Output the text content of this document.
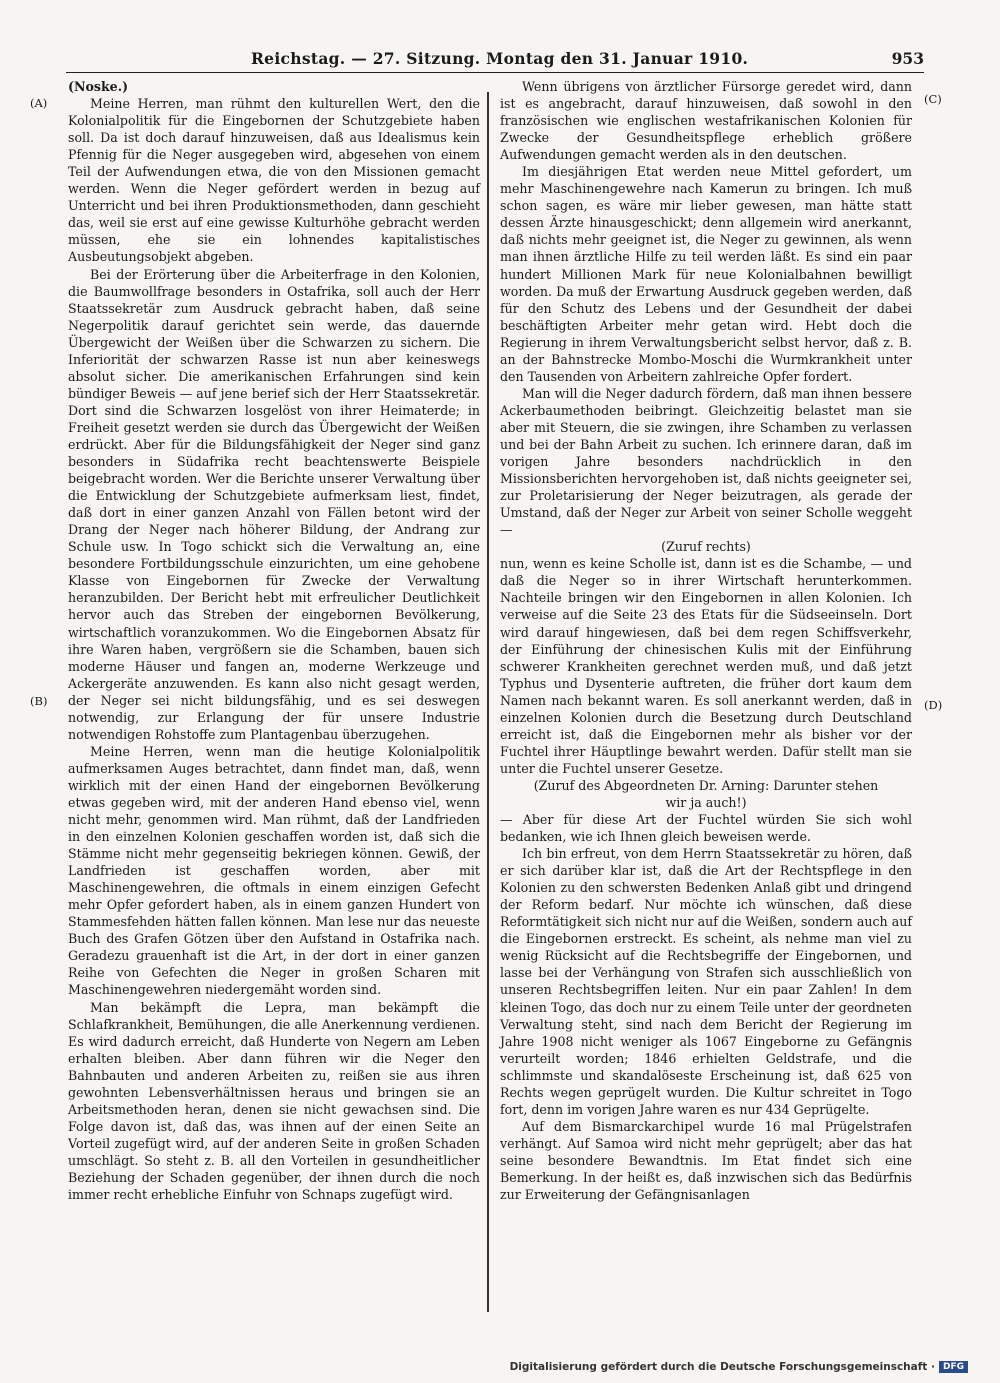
Reichstag. — 27. Sitzung. Montag den 31. Januar 1910.	953
(A)
(B)
(C)
(D)

(Noske.)

Meine Herren, man rühmt den kulturellen Wert, den die Kolonialpolitik für die Eingebornen der Schutzgebiete haben soll. Da ist doch darauf hinzuweisen, daß aus Idealismus kein Pfennig für die Neger ausgegeben wird, abgesehen von einem Teil der Aufwendungen etwa, die von den Missionen gemacht werden. Wenn die Neger gefördert werden in bezug auf Unterricht und bei ihren Produktionsmethoden, dann geschieht das, weil sie erst auf eine gewisse Kulturhöhe gebracht werden müssen, ehe sie ein lohnendes kapitalistisches Ausbeutungsobjekt abgeben.

Bei der Erörterung über die Arbeiterfrage in den Kolonien, die Baumwollfrage besonders in Ostafrika, soll auch der Herr Staatssekretär zum Ausdruck gebracht haben, daß seine Negerpolitik darauf gerichtet sein werde, das dauernde Übergewicht der Weißen über die Schwarzen zu sichern. Die Inferiorität der schwarzen Rasse ist nun aber keineswegs absolut sicher. Die amerikanischen Erfahrungen sind kein bündiger Beweis — auf jene berief sich der Herr Staatssekretär. Dort sind die Schwarzen losgelöst von ihrer Heimaterde; in Freiheit gesetzt werden sie durch das Übergewicht der Weißen erdrückt. Aber für die Bildungsfähigkeit der Neger sind ganz besonders in Südafrika recht beachtenswerte Beispiele beigebracht worden. Wer die Berichte unserer Verwaltung über die Entwicklung der Schutzgebiete aufmerksam liest, findet, daß dort in einer ganzen Anzahl von Fällen betont wird der Drang der Neger nach höherer Bildung, der Andrang zur Schule usw. In Togo schickt sich die Verwaltung an, eine besondere Fortbildungsschule einzurichten, um eine gehobene Klasse von Eingebornen für Zwecke der Verwaltung heranzubilden. Der Bericht hebt mit erfreulicher Deutlichkeit hervor auch das Streben der eingebornen Bevölkerung, wirtschaftlich voranzukommen. Wo die Eingebornen Absatz für ihre Waren haben, vergrößern sie die Schamben, bauen sich moderne Häuser und fangen an, moderne Werkzeuge und Ackergeräte anzuwenden. Es kann also nicht gesagt werden, der Neger sei nicht bildungsfähig, und es sei deswegen notwendig, zur Erlangung der für unsere Industrie notwendigen Rohstoffe zum Plantagenbau überzugehen.

Meine Herren, wenn man die heutige Kolonialpolitik aufmerksamen Auges betrachtet, dann findet man, daß, wenn wirklich mit der einen Hand der eingebornen Bevölkerung etwas gegeben wird, mit der anderen Hand ebenso viel, wenn nicht mehr, genommen wird. Man rühmt, daß der Landfrieden in den einzelnen Kolonien geschaffen worden ist, daß sich die Stämme nicht mehr gegenseitig bekriegen können. Gewiß, der Landfrieden ist geschaffen worden, aber mit Maschinengewehren, die oftmals in einem einzigen Gefecht mehr Opfer gefordert haben, als in einem ganzen Hundert von Stammesfehden hätten fallen können. Man lese nur das neueste Buch des Grafen Götzen über den Aufstand in Ostafrika nach. Geradezu grauenhaft ist die Art, in der dort in einer ganzen Reihe von Gefechten die Neger in großen Scharen mit Maschinengewehren niedergemäht worden sind.

Man bekämpft die Lepra, man bekämpft die Schlafkrankheit, Bemühungen, die alle Anerkennung verdienen. Es wird dadurch erreicht, daß Hunderte von Negern am Leben erhalten bleiben. Aber dann führen wir die Neger den Bahnbauten und anderen Arbeiten zu, reißen sie aus ihren gewohnten Lebensverhältnissen heraus und bringen sie an Arbeitsmethoden heran, denen sie nicht gewachsen sind. Die Folge davon ist, daß das, was ihnen auf der einen Seite an Vorteil zugefügt wird, auf der anderen Seite in großen Schaden umschlägt. So steht z. B. all den Vorteilen in gesundheitlicher Beziehung der Schaden gegenüber, der ihnen durch die noch immer recht erhebliche Einfuhr von Schnaps zugefügt wird.

Wenn übrigens von ärztlicher Fürsorge geredet wird, dann ist es angebracht, darauf hinzuweisen, daß sowohl in den französischen wie englischen westafrikanischen Kolonien für Zwecke der Gesundheitspflege erheblich größere Aufwendungen gemacht werden als in den deutschen.

Im diesjährigen Etat werden neue Mittel gefordert, um mehr Maschinengewehre nach Kamerun zu bringen. Ich muß schon sagen, es wäre mir lieber gewesen, man hätte statt dessen Ärzte hinausgeschickt; denn allgemein wird anerkannt, daß nichts mehr geeignet ist, die Neger zu gewinnen, als wenn man ihnen ärztliche Hilfe zu teil werden läßt. Es sind ein paar hundert Millionen Mark für neue Kolonialbahnen bewilligt worden. Da muß der Erwartung Ausdruck gegeben werden, daß für den Schutz des Lebens und der Gesundheit der dabei beschäftigten Arbeiter mehr getan wird. Hebt doch die Regierung in ihrem Verwaltungsbericht selbst hervor, daß z. B. an der Bahnstrecke Mombo-Moschi die Wurmkrankheit unter den Tausenden von Arbeitern zahlreiche Opfer fordert.

Man will die Neger dadurch fördern, daß man ihnen bessere Ackerbaumethoden beibringt. Gleichzeitig belastet man sie aber mit Steuern, die sie zwingen, ihre Schamben zu verlassen und bei der Bahn Arbeit zu suchen. Ich erinnere daran, daß im vorigen Jahre besonders nachdrücklich in den Missionsberichten hervorgehoben ist, daß nichts geeigneter sei, zur Proletarisierung der Neger beizutragen, als gerade der Umstand, daß der Neger zur Arbeit von seiner Scholle weggeht —

(Zuruf rechts)

nun, wenn es keine Scholle ist, dann ist es die Schambe, — und daß die Neger so in ihrer Wirtschaft herunterkommen. Nachteile bringen wir den Eingebornen in allen Kolonien. Ich verweise auf die Seite 23 des Etats für die Südseeinseln. Dort wird darauf hingewiesen, daß bei dem regen Schiffsverkehr, der Einführung der chinesischen Kulis mit der Einführung schwerer Krankheiten gerechnet werden muß, und daß jetzt Typhus und Dysenterie auftreten, die früher dort kaum dem Namen nach bekannt waren. Es soll anerkannt werden, daß in einzelnen Kolonien durch die Besetzung durch Deutschland erreicht ist, daß die Eingebornen mehr als bisher vor der Fuchtel ihrer Häuptlinge bewahrt werden. Dafür stellt man sie unter die Fuchtel unserer Gesetze.

(Zuruf des Abgeordneten Dr. Arning: Darunter stehen wir ja auch!)

— Aber für diese Art der Fuchtel würden Sie sich wohl bedanken, wie ich Ihnen gleich beweisen werde.

Ich bin erfreut, von dem Herrn Staatssekretär zu hören, daß er sich darüber klar ist, daß die Art der Rechtspflege in den Kolonien zu den schwersten Bedenken Anlaß gibt und dringend der Reform bedarf. Nur möchte ich wünschen, daß diese Reformtätigkeit sich nicht nur auf die Weißen, sondern auch auf die Eingebornen erstreckt. Es scheint, als nehme man viel zu wenig Rücksicht auf die Rechtsbegriffe der Eingebornen, und lasse bei der Verhängung von Strafen sich ausschließlich von unseren Rechtsbegriffen leiten. Nur ein paar Zahlen! In dem kleinen Togo, das doch nur zu einem Teile unter der geordneten Verwaltung steht, sind nach dem Bericht der Regierung im Jahre 1908 nicht weniger als 1067 Eingeborne zu Gefängnis verurteilt worden; 1846 erhielten Geldstrafe, und die schlimmste und skandalöseste Erscheinung ist, daß 625 von Rechts wegen geprügelt wurden. Die Kultur schreitet in Togo fort, denn im vorigen Jahre waren es nur 434 Geprügelte.

Auf dem Bismarckarchipel wurde 16 mal Prügelstrafen verhängt. Auf Samoa wird nicht mehr geprügelt; aber das hat seine besondere Bewandtnis. Im Etat findet sich eine Bemerkung. In der heißt es, daß inzwischen sich das Bedürfnis zur Erweiterung der Gefängnisanlagen

Digitalisierung gefördert durch die Deutsche Forschungsgemeinschaft · DFG
